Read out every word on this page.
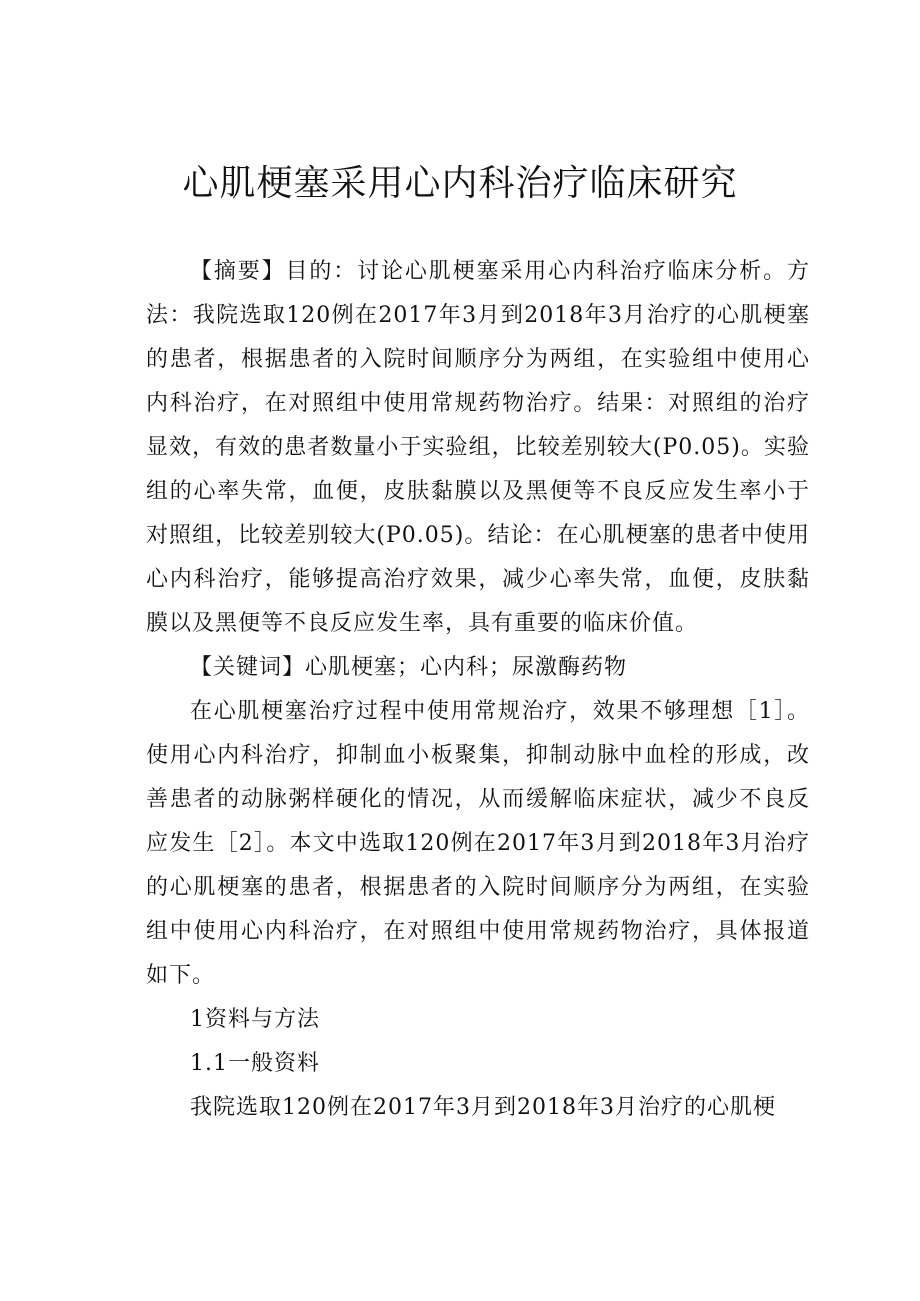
心肌梗塞采用心内科治疗临床研究

【摘要】目的：讨论心肌梗塞采用心内科治疗临床分析。方法：我院选取120例在2017年3月到2018年3月治疗的心肌梗塞的患者，根据患者的入院时间顺序分为两组，在实验组中使用心内科治疗，在对照组中使用常规药物治疗。结果：对照组的治疗显效，有效的患者数量小于实验组，比较差别较大(P0.05)。实验组的心率失常，血便，皮肤黏膜以及黑便等不良反应发生率小于对照组，比较差别较大(P0.05)。结论：在心肌梗塞的患者中使用心内科治疗，能够提高治疗效果，减少心率失常，血便，皮肤黏膜以及黑便等不良反应发生率，具有重要的临床价值。

【关键词】心肌梗塞；心内科；尿激酶药物

在心肌梗塞治疗过程中使用常规治疗，效果不够理想［1］。使用心内科治疗，抑制血小板聚集，抑制动脉中血栓的形成，改善患者的动脉粥样硬化的情况，从而缓解临床症状，减少不良反应发生［2］。本文中选取120例在2017年3月到2018年3月治疗的心肌梗塞的患者，根据患者的入院时间顺序分为两组，在实验组中使用心内科治疗，在对照组中使用常规药物治疗，具体报道如下。

1资料与方法

1.1一般资料

我院选取120例在2017年3月到2018年3月治疗的心肌梗
